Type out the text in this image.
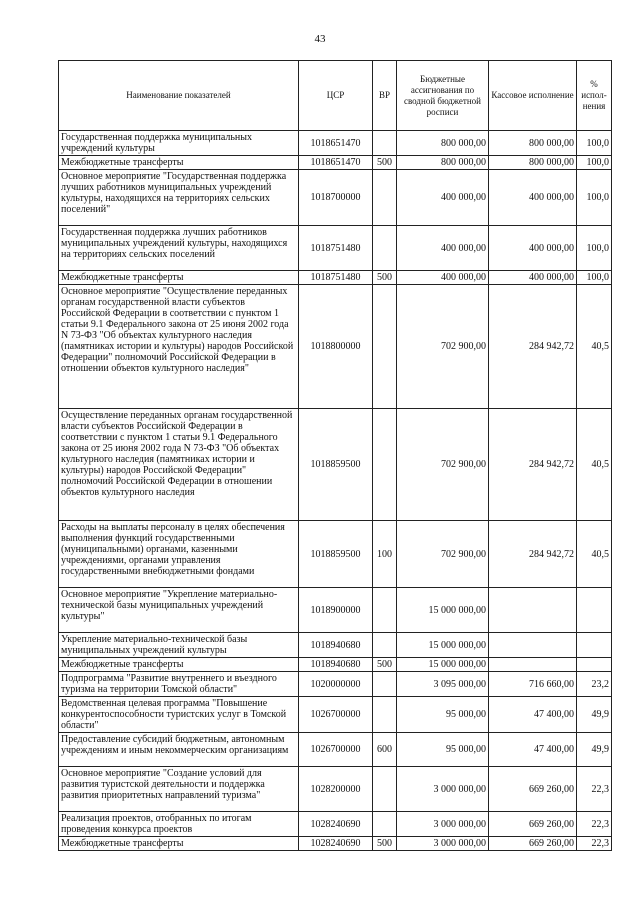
43
Наименование показателей	ЦСР	ВР	Бюджетные ассигнования по сводной бюджетной росписи	Кассовое исполнение	%
испол-нения

Государственная поддержка муниципальных учреждений культуры	1018651470		800 000,00	800 000,00	100,0
Межбюджетные трансферты	1018651470	500	800 000,00	800 000,00	100,0
Основное мероприятие "Государственная поддержка лучших работников муниципальных учреждений культуры, находящихся на территориях сельских поселений"	1018700000		400 000,00	400 000,00	100,0
Государственная поддержка лучших работников муниципальных учреждений культуры, находящихся на территориях сельских поселений	1018751480		400 000,00	400 000,00	100,0
Межбюджетные трансферты	1018751480	500	400 000,00	400 000,00	100,0
Основное мероприятие "Осуществление переданных органам государственной власти субъектов Российской Федерации в соответствии с пунктом 1 статьи 9.1 Федерального закона от 25 июня 2002 года N 73-ФЗ "Об объектах культурного наследия (памятниках истории и культуры) народов Российской Федерации" полномочий Российской Федерации в отношении объектов культурного наследия"	1018800000		702 900,00	284 942,72	40,5
Осуществление переданных органам государственной власти субъектов Российской Федерации в соответствии с пунктом 1 статьи 9.1 Федерального закона от 25 июня 2002 года N 73-ФЗ "Об объектах культурного наследия (памятниках истории и культуры) народов Российской Федерации" полномочий Российской Федерации в отношении объектов культурного наследия	1018859500		702 900,00	284 942,72	40,5
Расходы на выплаты персоналу в целях обеспечения выполнения функций государственными (муниципальными) органами, казенными учреждениями, органами управления государственными внебюджетными фондами	1018859500	100	702 900,00	284 942,72	40,5
Основное мероприятие "Укрепление материально-технической базы муниципальных учреждений культуры"	1018900000		15 000 000,00		
Укрепление материально-технической базы муниципальных учреждений культуры	1018940680		15 000 000,00		
Межбюджетные трансферты	1018940680	500	15 000 000,00		
Подпрограмма "Развитие внутреннего и въездного туризма на территории Томской области"	1020000000		3 095 000,00	716 660,00	23,2
Ведомственная целевая программа "Повышение конкурентоспособности туристских услуг в Томской области"	1026700000		95 000,00	47 400,00	49,9
Предоставление субсидий бюджетным, автономным учреждениям и иным некоммерческим организациям	1026700000	600	95 000,00	47 400,00	49,9
Основное мероприятие "Создание условий для развития туристской деятельности и поддержка развития приоритетных направлений туризма"	1028200000		3 000 000,00	669 260,00	22,3
Реализация проектов, отобранных по итогам проведения конкурса проектов	1028240690		3 000 000,00	669 260,00	22,3
Межбюджетные трансферты	1028240690	500	3 000 000,00	669 260,00	22,3
